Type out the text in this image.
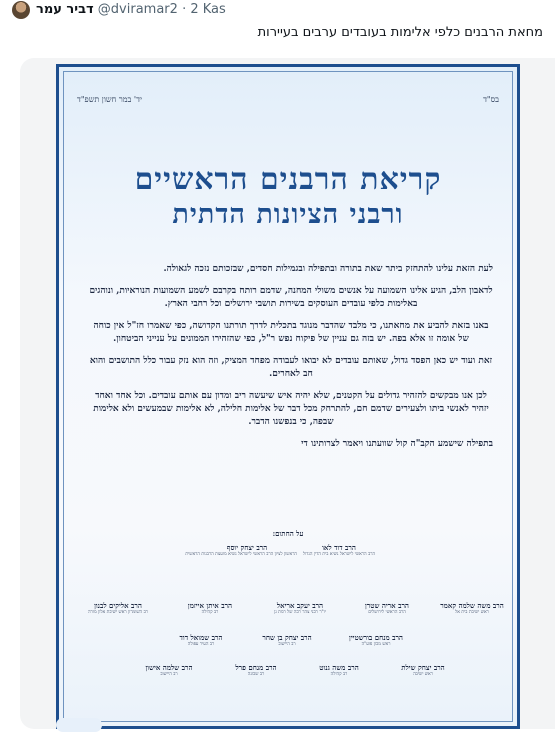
דביר עמר @dviramar2 · 2 Kas
מחאת הרבנים כלפי אלימות בעובדים ערבים בעיירות
בס"ד
יד' במר חשון תשפ"ד
קריאת הרבנים הראשיים
ורבני הציונות הדתית

לעת הזאת עלינו להתחזק ביתר שאת בתורה ובתפילה ובגמילות חסדים, שבזכותם נזכה לגאולה.

לדאבון הלב, הגיע אלינו השמועה על אנשים משולי המחנה, שדמם רותח בקרבם לשמע השמועות הנוראיות, ונוהגים באלימות כלפי עובדים העוסקים בשירות תושבי ירושלים וכל רחבי הארץ.

באנו בזאת להביע את מחאתנו, כי מלבד שהדבר מנוגד בתכלית לדרך תורתנו הקדושה, כפי שאמרו חז"ל אין כוחה של אומה זו אלא בפה. יש בזה גם עניין של פיקוח נפש ר"ל, כפי שהזהירו הממונים על ענייני הביטחון.

זאת ועוד יש כאן הפסד גדול, שאותם עובדים לא יבואו לעבודה מפחד המציק, וזה הוא נזק עבור כלל התושבים והוא חב לאחרים.

לכן אנו מבקשים להזהיר גדולים על הקטנים, שלא יהיה איש שיעשה ריב ומדון עם אותם עובדים. וכל אחד ואחד יזהיר לאנשי ביתו ולצעירים שדמם חם, להתרחק מכל דבר של אלימות חלילה, לא אלימות שבמעשים ולא אלימות שבפה, כי בנפשנו הדבר.

בתפילה שישמע הקב"ה קול שוועתנו ויאמר לצרותינו די

על החתום:
הרב דוד לאו
הרב הראשי לישראל נשיא בית הדין הגדול
הרב יצחק יוסף
הראשון לציון הרב הראשי לישראל נשיא מועצת הרבנות הראשית
הרב משה שלמה קאמר
ראש ישיבת בית אל
הרב אריה שטרן
הרב הראשי לירושלים
הרב יעקב אריאל
יו"ר רבני צהר רבה של רמת גן
הרב איתן אייזמן
רב קהילה
הרב אליקים לבנון
רב השומרון ראש ישיבת אלון מורה
הרב מנחם בורשטיין
ראש מכון פוע"ה
הרב יצחק בן שחר
רב היישוב
הרב שמואל דוד
רב העיר עפולה
הרב יצחק שילת
ראש ישיבה
הרב משה גנוט
רב קהילה
הרב מנחם פרל
רב שכונה
הרב שלמה אישון
רב היישוב
